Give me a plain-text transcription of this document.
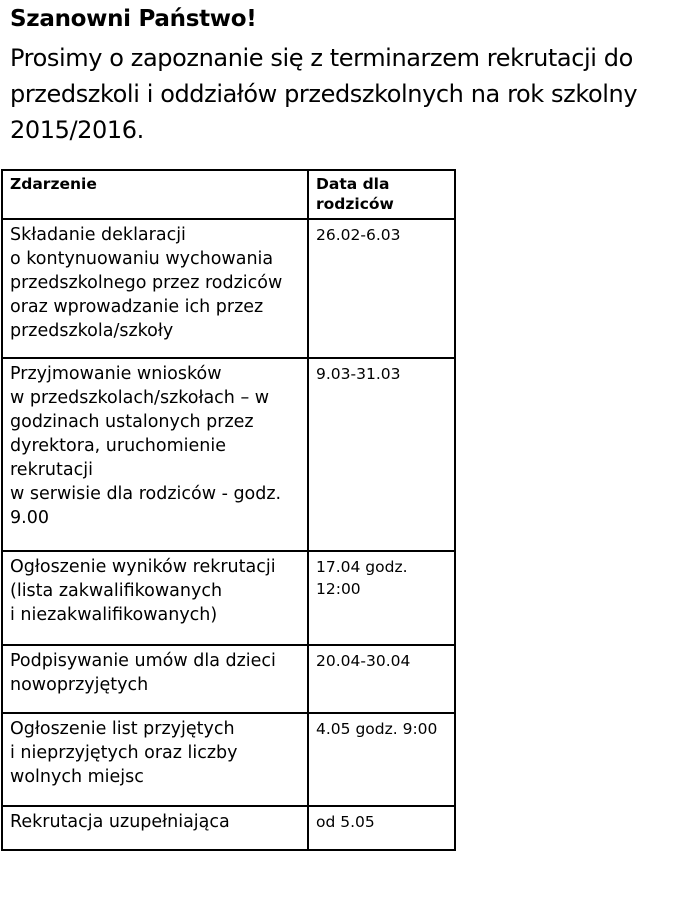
Szanowni Państwo!

Prosimy o zapoznanie się z terminarzem rekrutacji do przedszkoli i oddziałów przedszkolnych na rok szkolny 2015/2016.

Zdarzenie	Data dla rodziców
Składanie deklaracji
o kontynuowaniu wychowania przedszkolnego przez rodziców oraz wprowadzanie ich przez przedszkola/szkoły	26.02-6.03
Przyjmowanie wniosków
w przedszkolach/szkołach – w godzinach ustalonych przez dyrektora, uruchomienie rekrutacji
w serwisie dla rodziców - godz. 9.00	9.03-31.03
Ogłoszenie wyników rekrutacji (lista zakwalifikowanych
i niezakwalifikowanych)	17.04 godz. 12:00
Podpisywanie umów dla dzieci nowoprzyjętych	20.04-30.04
Ogłoszenie list przyjętych
i nieprzyjętych oraz liczby wolnych miejsc	4.05 godz. 9:00
Rekrutacja uzupełniająca	od 5.05
